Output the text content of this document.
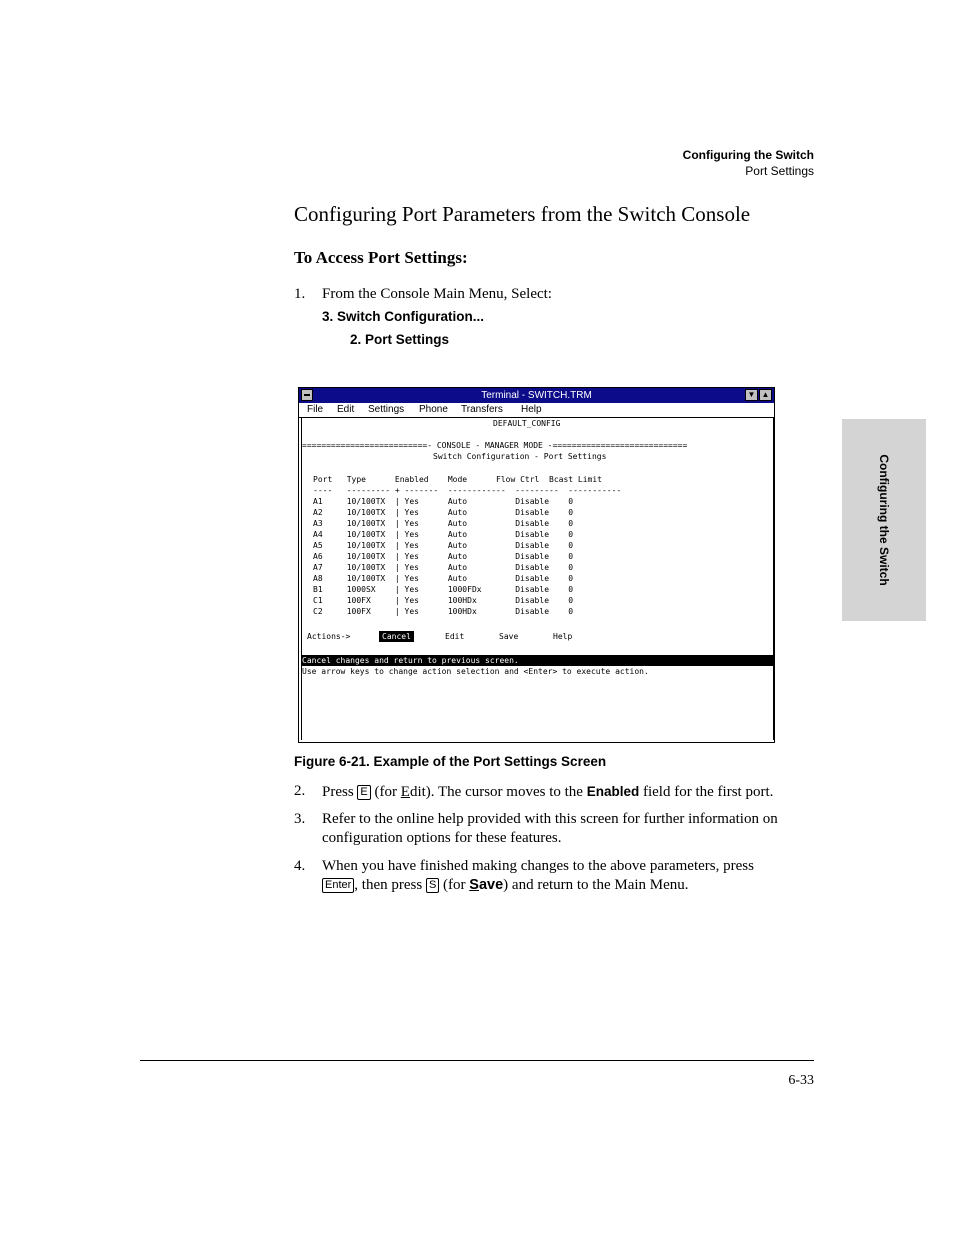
Configuring the Switch
Port Settings
Configuring Port Parameters from the Switch Console
To Access Port Settings:
1. From the Console Main Menu, Select:
3. Switch Configuration...
2. Port Settings
Configuring the Switch
Terminal - SWITCH.TRM	▼ ▲
File Edit Settings Phone Transfers Help
DEFAULT_CONFIG
==========================- CONSOLE - MANAGER MODE -============================
Switch Configuration - Port Settings
Port   Type      Enabled    Mode      Flow Ctrl  Bcast Limit
----   --------- + -------  ------------  ---------  -----------
A1     10/100TX  | Yes      Auto          Disable    0
A2     10/100TX  | Yes      Auto          Disable    0
A3     10/100TX  | Yes      Auto          Disable    0
A4     10/100TX  | Yes      Auto          Disable    0
A5     10/100TX  | Yes      Auto          Disable    0
A6     10/100TX  | Yes      Auto          Disable    0
A7     10/100TX  | Yes      Auto          Disable    0
A8     10/100TX  | Yes      Auto          Disable    0
B1     1000SX    | Yes      1000FDx       Disable    0
C1     100FX     | Yes      100HDx        Disable    0
C2     100FX     | Yes      100HDx        Disable    0
Actions->	Cancel	Edit	Save	Help
Cancel changes and return to previous screen.
Use arrow keys to change action selection and <Enter> to execute action.
Figure 6-21. Example of the Port Settings Screen
2. Press E (for Edit). The cursor moves to the Enabled field for the first port.
3. Refer to the online help provided with this screen for further information on configuration options for these features.
4. When you have finished making changes to the above parameters, press
Enter , then press S (for Save) and return to the Main Menu.
6-33
